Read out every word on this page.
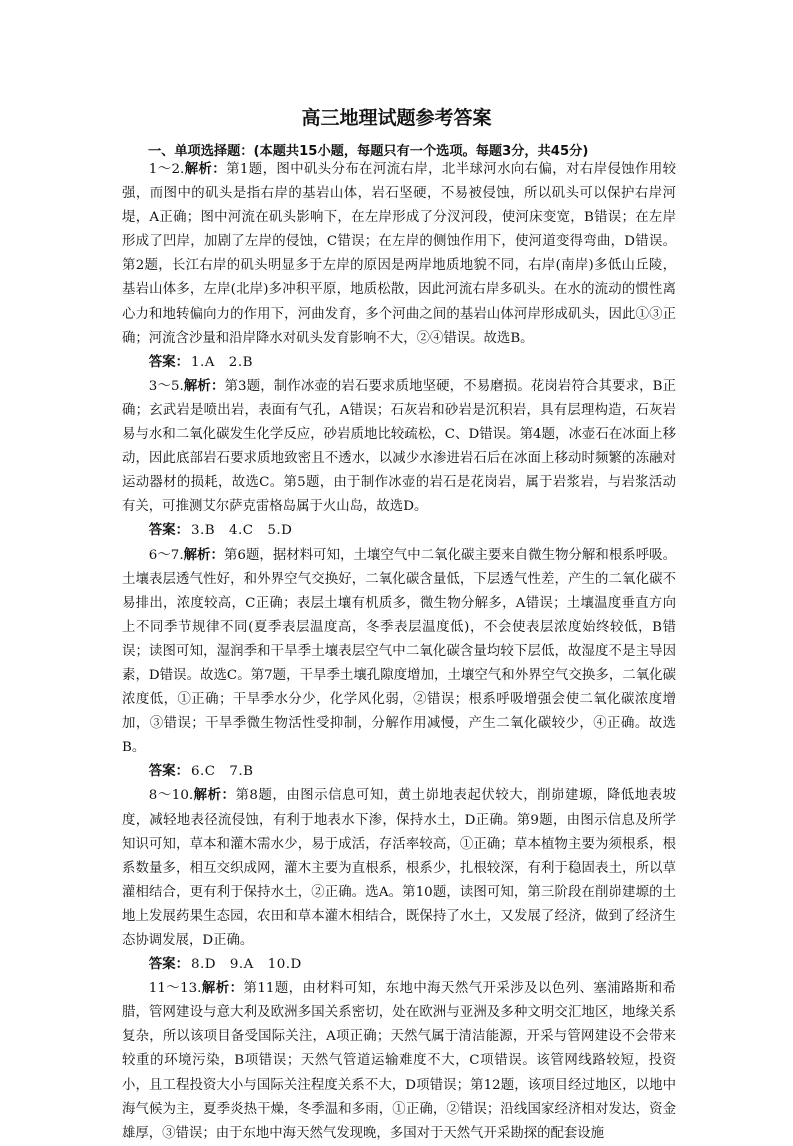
高三地理试题参考答案
一、单项选择题：(本题共15小题，每题只有一个选项。每题3分，共45分)

1～2.解析：第1题，图中矶头分布在河流右岸，北半球河水向右偏，对右岸侵蚀作用较强，而图中的矶头是指右岸的基岩山体，岩石坚硬，不易被侵蚀，所以矶头可以保护右岸河堤，A正确；图中河流在矶头影响下，在左岸形成了分汊河段，使河床变宽，B错误；在左岸形成了凹岸，加剧了左岸的侵蚀，C错误；在左岸的侧蚀作用下，使河道变得弯曲，D错误。第2题，长江右岸的矶头明显多于左岸的原因是两岸地质地貌不同，右岸(南岸)多低山丘陵，基岩山体多，左岸(北岸)多冲积平原，地质松散，因此河流右岸多矶头。在水的流动的惯性离心力和地转偏向力的作用下，河曲发育，多个河曲之间的基岩山体河岸形成矶头，因此①③正确；河流含沙量和沿岸降水对矶头发育影响不大，②④错误。故选B。

答案： 1.A　2.B

3～5.解析：第3题，制作冰壶的岩石要求质地坚硬，不易磨损。花岗岩符合其要求，B正确；玄武岩是喷出岩，表面有气孔，A错误；石灰岩和砂岩是沉积岩，具有层理构造，石灰岩易与水和二氧化碳发生化学反应，砂岩质地比较疏松，C、D错误。第4题，冰壶石在冰面上移动，因此底部岩石要求质地致密且不透水，以减少水渗进岩石后在冰面上移动时频繁的冻融对运动器材的损耗，故选C。第5题，由于制作冰壶的岩石是花岗岩，属于岩浆岩，与岩浆活动有关，可推测艾尔萨克雷格岛属于火山岛，故选D。

答案： 3.B　4.C　5.D

6～7.解析：第6题，据材料可知，土壤空气中二氧化碳主要来自微生物分解和根系呼吸。土壤表层透气性好，和外界空气交换好，二氧化碳含量低，下层透气性差，产生的二氧化碳不易排出，浓度较高，C正确；表层土壤有机质多，微生物分解多，A错误；土壤温度垂直方向上不同季节规律不同(夏季表层温度高，冬季表层温度低)，不会使表层浓度始终较低，B错误；读图可知，湿润季和干旱季土壤表层空气中二氧化碳含量均较下层低，故湿度不是主导因素，D错误。故选C。第7题，干旱季土壤孔隙度增加，土壤空气和外界空气交换多，二氧化碳浓度低，①正确；干旱季水分少，化学风化弱，②错误；根系呼吸增强会使二氧化碳浓度增加，③错误；干旱季微生物活性受抑制，分解作用减慢，产生二氧化碳较少，④正确。故选B。

答案： 6.C　7.B

8～10.解析：第8题，由图示信息可知，黄土峁地表起伏较大，削峁建塬，降低地表坡度，减轻地表径流侵蚀，有利于地表水下渗，保持水土，D正确。第9题，由图示信息及所学知识可知，草本和灌木需水少，易于成活，存活率较高，①正确；草本植物主要为须根系，根系数量多，相互交织成网，灌木主要为直根系，根系少，扎根较深，有利于稳固表土，所以草灌相结合，更有利于保持水土，②正确。选A。第10题，读图可知，第三阶段在削峁建塬的土地上发展药果生态园，农田和草本灌木相结合，既保持了水土，又发展了经济，做到了经济生态协调发展，D正确。

答案： 8.D　9.A　10.D

11～13.解析：第11题，由材料可知，东地中海天然气开采涉及以色列、塞浦路斯和希腊，管网建设与意大利及欧洲多国关系密切，处在欧洲与亚洲及多种文明交汇地区，地缘关系复杂，所以该项目备受国际关注，A项正确；天然气属于清洁能源，开采与管网建设不会带来较重的环境污染，B项错误；天然气管道运输难度不大，C项错误。该管网线路较短，投资小，且工程投资大小与国际关注程度关系不大，D项错误；第12题，该项目经过地区，以地中海气候为主，夏季炎热干燥，冬季温和多雨，①正确，②错误；沿线国家经济相对发达，资金雄厚，③错误；由于东地中海天然气发现晚，多国对于天然气开采勘探的配套设施
